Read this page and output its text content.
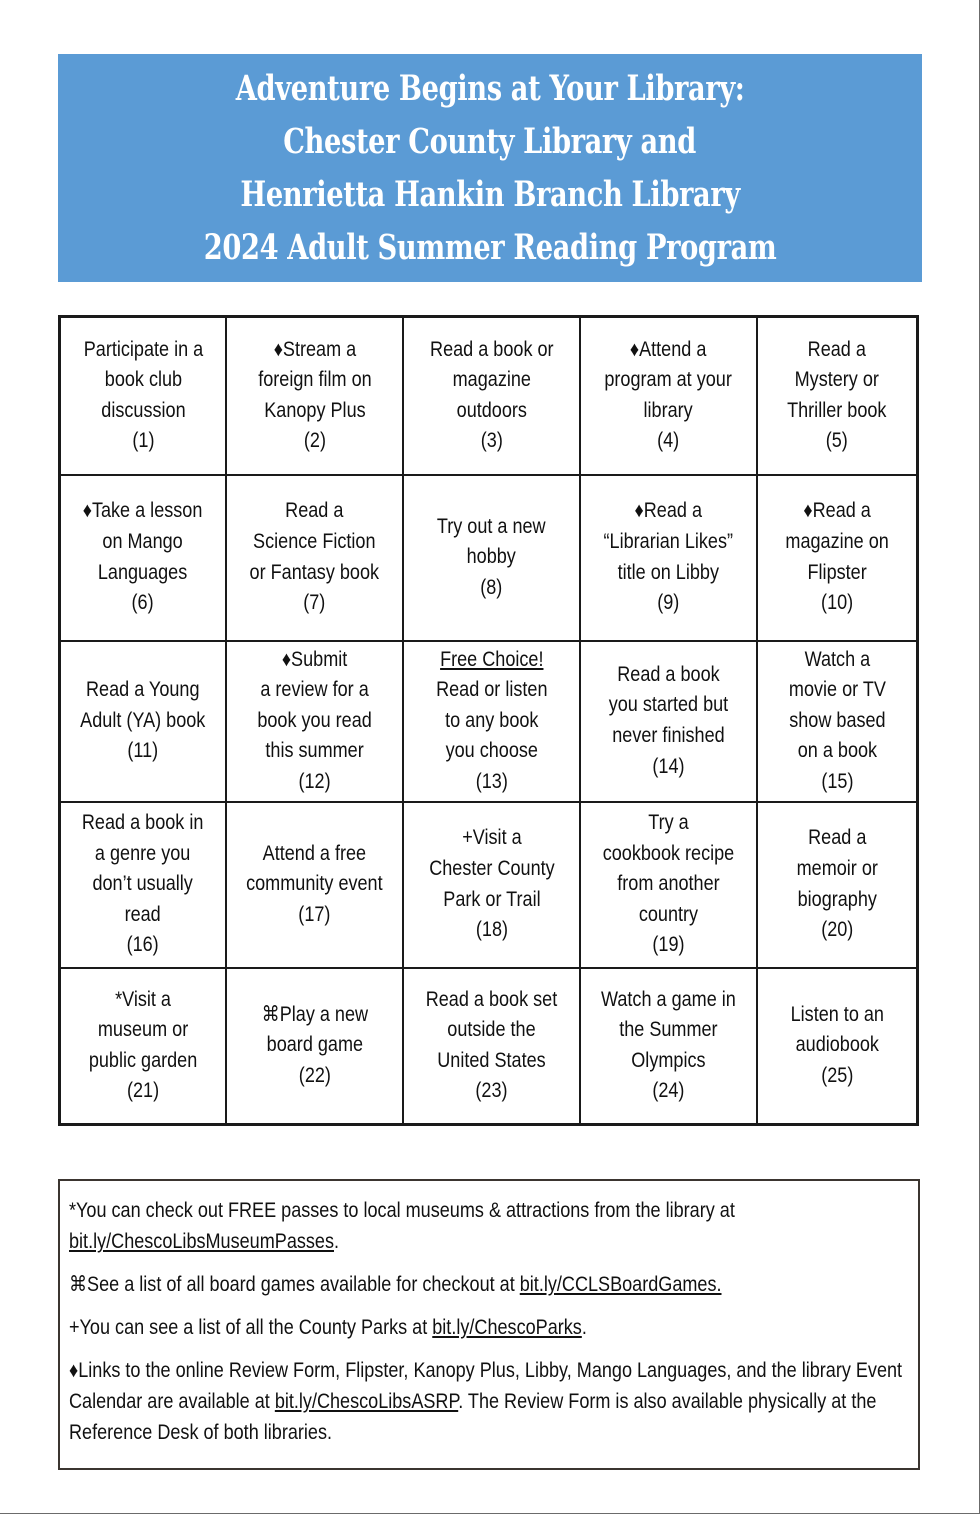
Adventure Begins at Your Library:
Chester County Library and
Henrietta Hankin Branch Library
2024 Adult Summer Reading Program
Participate in a
book club
discussion
(1)	♦Stream a
foreign film on
Kanopy Plus
(2)	Read a book or
magazine
outdoors
(3)	♦Attend a
program at your
library
(4)	Read a
Mystery or
Thriller book
(5)

♦Take a lesson
on Mango
Languages
(6)	Read a
Science Fiction
or Fantasy book
(7)	Try out a new
hobby
(8)	♦Read a
“Librarian Likes”
title on Libby
(9)	♦Read a
magazine on
Flipster
(10)

Read a Young
Adult (YA) book
(11)	♦Submit
a review for a
book you read
this summer
(12)	Free Choice!
Read or listen
to any book
you choose
(13)	Read a book
you started but
never finished
(14)	Watch a
movie or TV
show based
on a book
(15)

Read a book in
a genre you
don’t usually
read
(16)	Attend a free
community event
(17)	+Visit a
Chester County
Park or Trail
(18)	Try a
cookbook recipe
from another
country
(19)	Read a
memoir or
biography
(20)

*Visit a
museum or
public garden
(21)	⌘Play a new
board game
(22)	Read a book set
outside the
United States
(23)	Watch a game in
the Summer
Olympics
(24)	Listen to an
audiobook
(25)

*You can check out FREE passes to local museums & attractions from the library at bit.ly/ChescoLibsMuseumPasses.

⌘See a list of all board games available for checkout at bit.ly/CCLSBoardGames.

+You can see a list of all the County Parks at bit.ly/ChescoParks.

♦Links to the online Review Form, Flipster, Kanopy Plus, Libby, Mango Languages, and the library Event Calendar are available at bit.ly/ChescoLibsASRP. The Review Form is also available physically at the Reference Desk of both libraries.
